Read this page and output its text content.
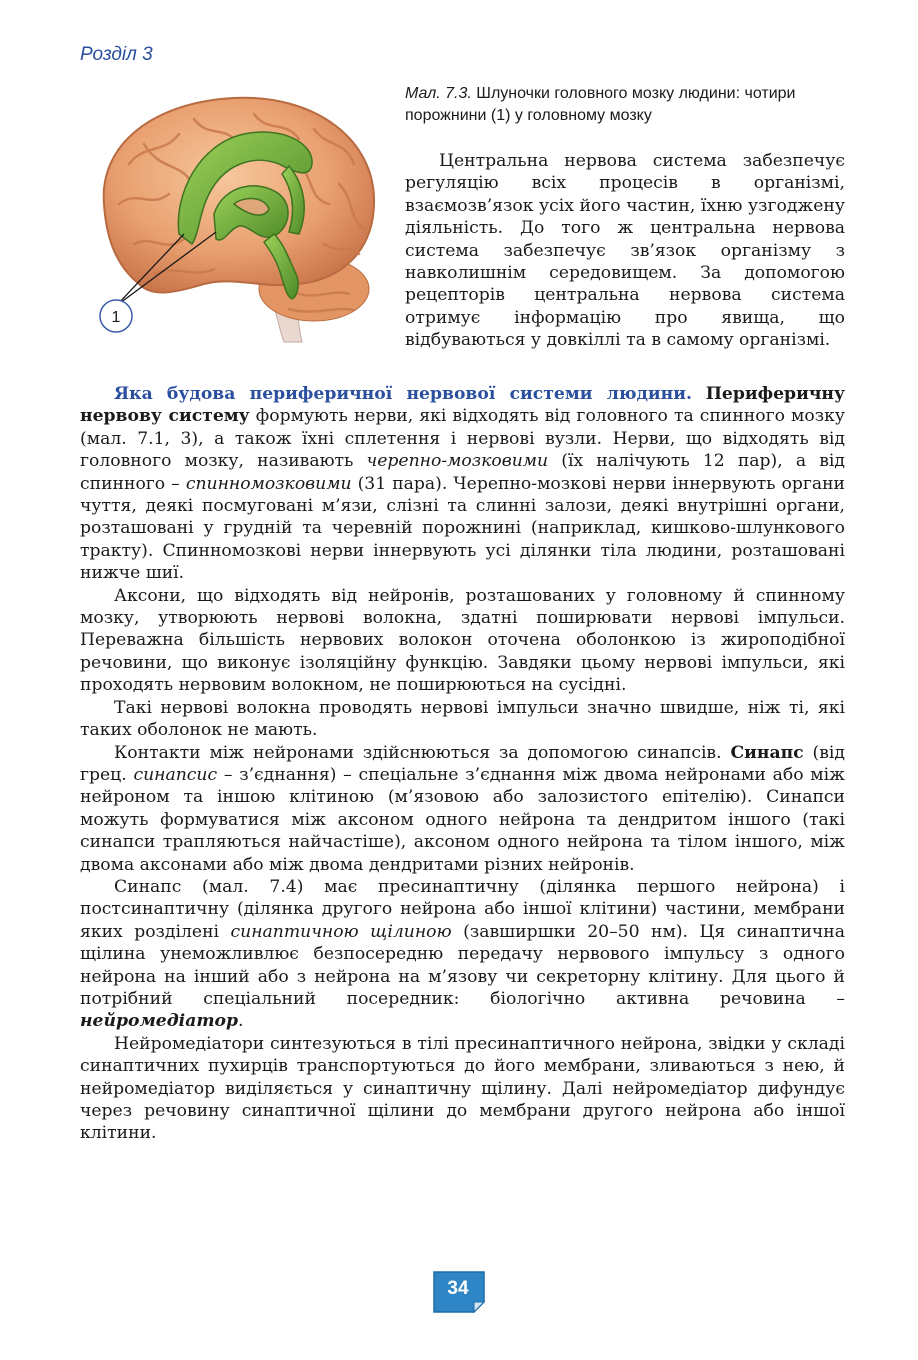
Розділ 3
1
Мал. 7.3. Шлуночки головного мозку людини: чотири порожнини (1) у головному мозку

Центральна нервова система забезпечує регуляцію всіх процесів в організмі, взаємозв’язок усіх його частин, їхню узгоджену діяльність. До того ж центральна нервова система забезпечує зв’язок організму з навколишнім середовищем. За допомогою рецепторів центральна нервова система отримує інформацію про явища, що відбуваються у довкіллі та в самому організмі.

Яка будова периферичної нервової системи людини. Периферичну нервову систему формують нерви, які відходять від головного та спинного мозку (мал. 7.1, 3), а також їхні сплетення і нервові вузли. Нерви, що відходять від головного мозку, називають черепно-мозковими (їх налічують 12 пар), а від спинного – спинномозковими (31 пара). Черепно-мозкові нерви іннервують органи чуття, деякі посмуговані м’язи, слізні та слинні залози, деякі внутрішні органи, розташовані у грудній та черевній порожнині (наприклад, кишково-шлункового тракту). Спинномозкові нерви іннервують усі ділянки тіла людини, розташовані нижче шиї.

Аксони, що відходять від нейронів, розташованих у головному й спинному мозку, утворюють нервові волокна, здатні поширювати нервові імпульси. Переважна більшість нервових волокон оточена оболонкою із жироподібної речовини, що виконує ізоляційну функцію. Завдяки цьому нервові імпульси, які проходять нервовим волокном, не поширюються на сусідні.

Такі нервові волокна проводять нервові імпульси значно швидше, ніж ті, які таких оболонок не мають.

Контакти між нейронами здійснюються за допомогою синапсів. Синапс (від грец. синапсис – з’єднання) – спеціальне з’єднання між двома нейронами або між нейроном та іншою клітиною (м’язовою або залозистого епітелію). Синапси можуть формуватися між аксоном одного нейрона та дендритом іншого (такі синапси трапляються найчастіше), аксоном одного нейрона та тілом іншого, між двома аксонами або між двома дендритами різних нейронів.

Синапс (мал. 7.4) має пресинаптичну (ділянка першого нейрона) і постсинаптичну (ділянка другого нейрона або іншої клітини) частини, мембрани яких розділені синаптичною щілиною (завширшки 20–50 нм). Ця синаптична щілина унеможливлює безпосередню передачу нервового імпульсу з одного нейрона на інший або з нейрона на м’язову чи секреторну клітину. Для цього й потрібний спеціальний посередник: біологічно активна речовина – нейромедіатор.

Нейромедіатори синтезуються в тілі пресинаптичного нейрона, звідки у складі синаптичних пухирців транспортуються до його мембрани, зливаються з нею, й нейромедіатор виділяється у синаптичну щілину. Далі нейромедіатор дифундує через речовину синаптичної щілини до мембрани другого нейрона або іншої клітини.

34
